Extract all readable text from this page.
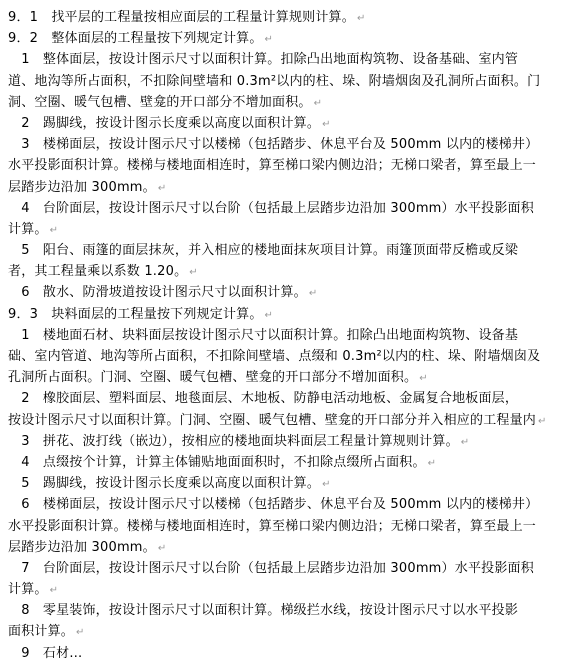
9．1　找平层的工程量按相应面层的工程量计算规则计算。 ↵
9．2　整体面层的工程量按下列规定计算。 ↵
　1　整体面层，按设计图示尺寸以面积计算。扣除凸出地面构筑物、设备基础、室内管
道、地沟等所占面积，不扣除间壁墙和 0.3m²以内的柱、垛、附墙烟囱及孔洞所占面积。门
洞、空圈、暖气包槽、壁龛的开口部分不增加面积。 ↵
　2　踢脚线，按设计图示长度乘以高度以面积计算。 ↵
　3　楼梯面层，按设计图示尺寸以楼梯（包括踏步、休息平台及 500mm 以内的楼梯井）
水平投影面积计算。楼梯与楼地面相连时，算至梯口梁内侧边沿；无梯口梁者，算至最上一
层踏步边沿加 300mm。 ↵
　4　台阶面层，按设计图示尺寸以台阶（包括最上层踏步边沿加 300mm）水平投影面积
计算。 ↵
　5　阳台、雨篷的面层抹灰，并入相应的楼地面抹灰项目计算。雨篷顶面带反檐或反梁
者，其工程量乘以系数 1.20。 ↵
　6　散水、防滑坡道按设计图示尺寸以面积计算。 ↵
9．3　块料面层的工程量按下列规定计算。 ↵
　1　楼地面石材、块料面层按设计图示尺寸以面积计算。扣除凸出地面构筑物、设备基
础、室内管道、地沟等所占面积，不扣除间壁墙、点缀和 0.3m²以内的柱、垛、附墙烟囱及
孔洞所占面积。门洞、空圈、暖气包槽、壁龛的开口部分不增加面积。 ↵
　2　橡胶面层、塑料面层、地毯面层、木地板、防静电活动地板、金属复合地板面层，
按设计图示尺寸以面积计算。门洞、空圈、暖气包槽、壁龛的开口部分并入相应的工程量内 ↵
　3　拼花、波打线（嵌边），按相应的楼地面块料面层工程量计算规则计算。 ↵
　4　点缀按个计算，计算主体铺贴地面面积时，不扣除点缀所占面积。 ↵
　5　踢脚线，按设计图示长度乘以高度以面积计算。 ↵
　6　楼梯面层，按设计图示尺寸以楼梯（包括踏步、休息平台及 500mm 以内的楼梯井）
水平投影面积计算。楼梯与楼地面相连时，算至梯口梁内侧边沿；无梯口梁者，算至最上一
层踏步边沿加 300mm。 ↵
　7　台阶面层，按设计图示尺寸以台阶（包括最上层踏步边沿加 300mm）水平投影面积
计算。 ↵
　8　零星装饰，按设计图示尺寸以面积计算。梯级拦水线，按设计图示尺寸以水平投影
面积计算。 ↵
　9　石材…
